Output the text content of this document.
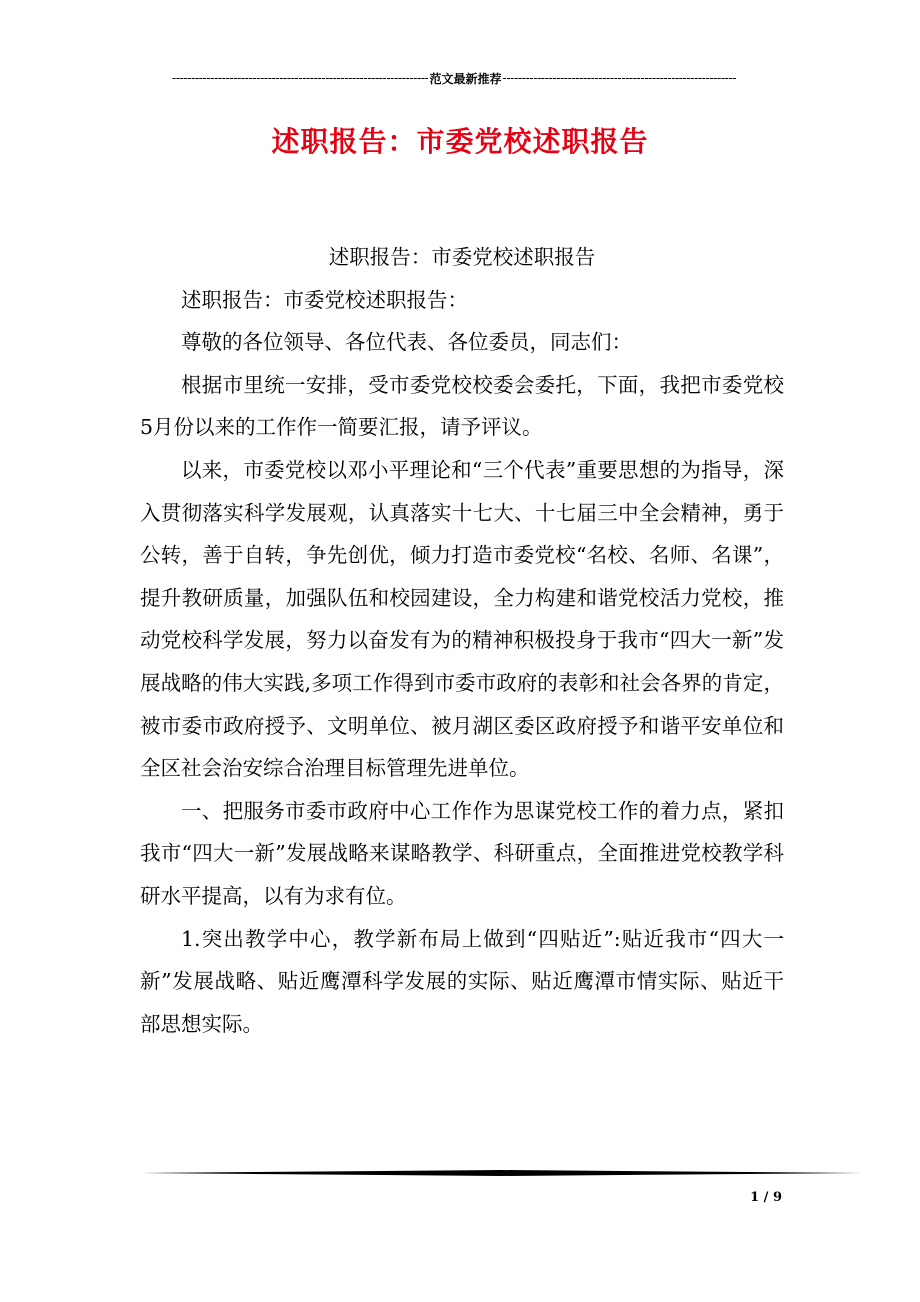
------------------------------------------------------------------- 范文最新推荐 -------------------------------------------------------------
述职报告：市委党校述职报告

述职报告：市委党校述职报告

述职报告：市委党校述职报告：

尊敬的各位领导、各位代表、各位委员，同志们：

根据市里统一安排，受市委党校校委会委托，下面，我把市委党校5月份以来的工作作一简要汇报，请予评议。

以来，市委党校以邓小平理论和“三个代表”重要思想的为指导，深入贯彻落实科学发展观，认真落实十七大、十七届三中全会精神，勇于公转，善于自转，争先创优，倾力打造市委党校“名校、名师、名课”，提升教研质量，加强队伍和校园建设，全力构建和谐党校活力党校，推动党校科学发展，努力以奋发有为的精神积极投身于我市“四大一新”发展战略的伟大实践,多项工作得到市委市政府的表彰和社会各界的肯定，被市委市政府授予、文明单位、被月湖区委区政府授予和谐平安单位和全区社会治安综合治理目标管理先进单位。

一、把服务市委市政府中心工作作为思谋党校工作的着力点，紧扣我市“四大一新”发展战略来谋略教学、科研重点，全面推进党校教学科研水平提高，以有为求有位。

1.突出教学中心，教学新布局上做到“四贴近”:贴近我市“四大一新”发展战略、贴近鹰潭科学发展的实际、贴近鹰潭市情实际、贴近干部思想实际。

1 / 9
